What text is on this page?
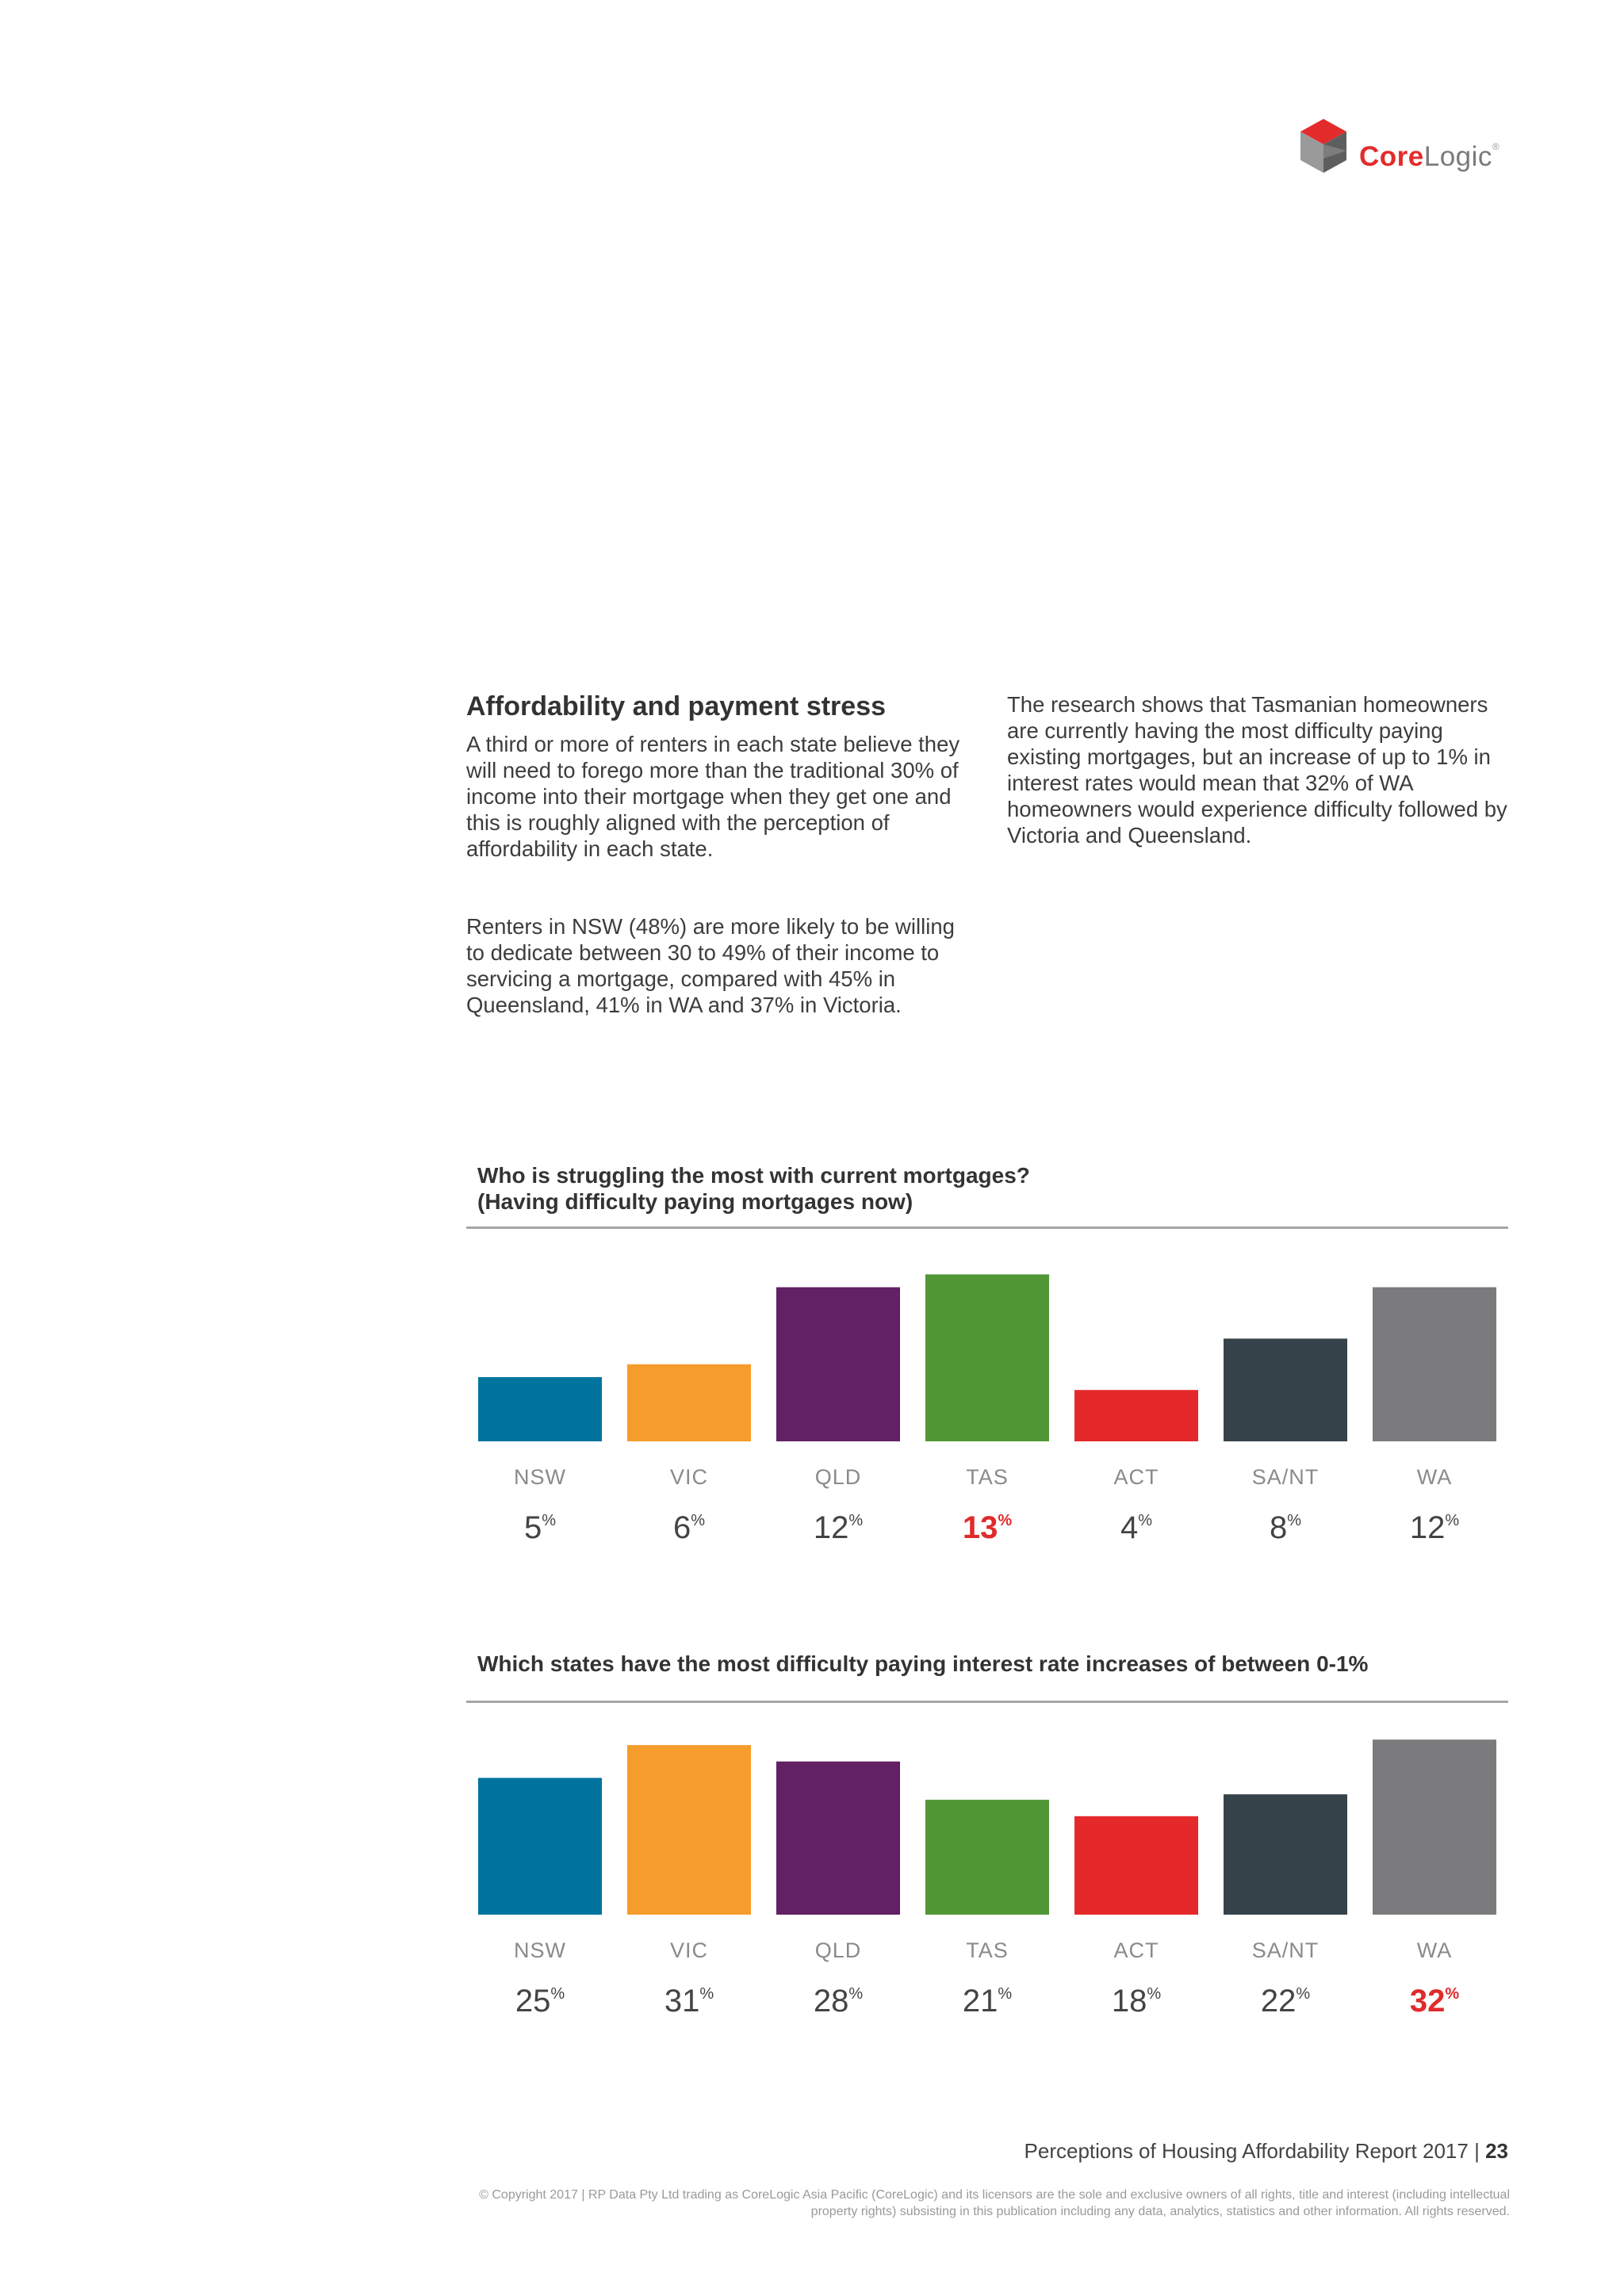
CoreLogic®
Affordability and payment stress
A third or more of renters in each state believe they will need to forego more than the traditional 30% of income into their mortgage when they get one and this is roughly aligned with the perception of affordability in each state.
Renters in NSW (48%) are more likely to be willing to dedicate between 30 to 49% of their income to servicing a mortgage, compared with 45% in Queensland, 41% in WA and 37% in Victoria.
The research shows that Tasmanian homeowners are currently having the most difficulty paying existing mortgages, but an increase of up to 1% in interest rates would mean that 32% of WA homeowners would experience difficulty followed by Victoria and Queensland.
Who is struggling the most with current mortgages?
(Having difficulty paying mortgages now)
Which states have the most difficulty paying interest rate increases of between 0-1%
NSW
5%
VIC
6%
QLD
12%
TAS
13%
ACT
4%
SA/NT
8%
WA
12%
NSW
25%
VIC
31%
QLD
28%
TAS
21%
ACT
18%
SA/NT
22%
WA
32%
Perceptions of Housing Affordability Report 2017 | 23
© Copyright 2017 | RP Data Pty Ltd trading as CoreLogic Asia Pacific (CoreLogic) and its licensors are the sole and exclusive owners of all rights, title and interest (including intellectual property rights) subsisting in this publication including any data, analytics, statistics and other information. All rights reserved.
